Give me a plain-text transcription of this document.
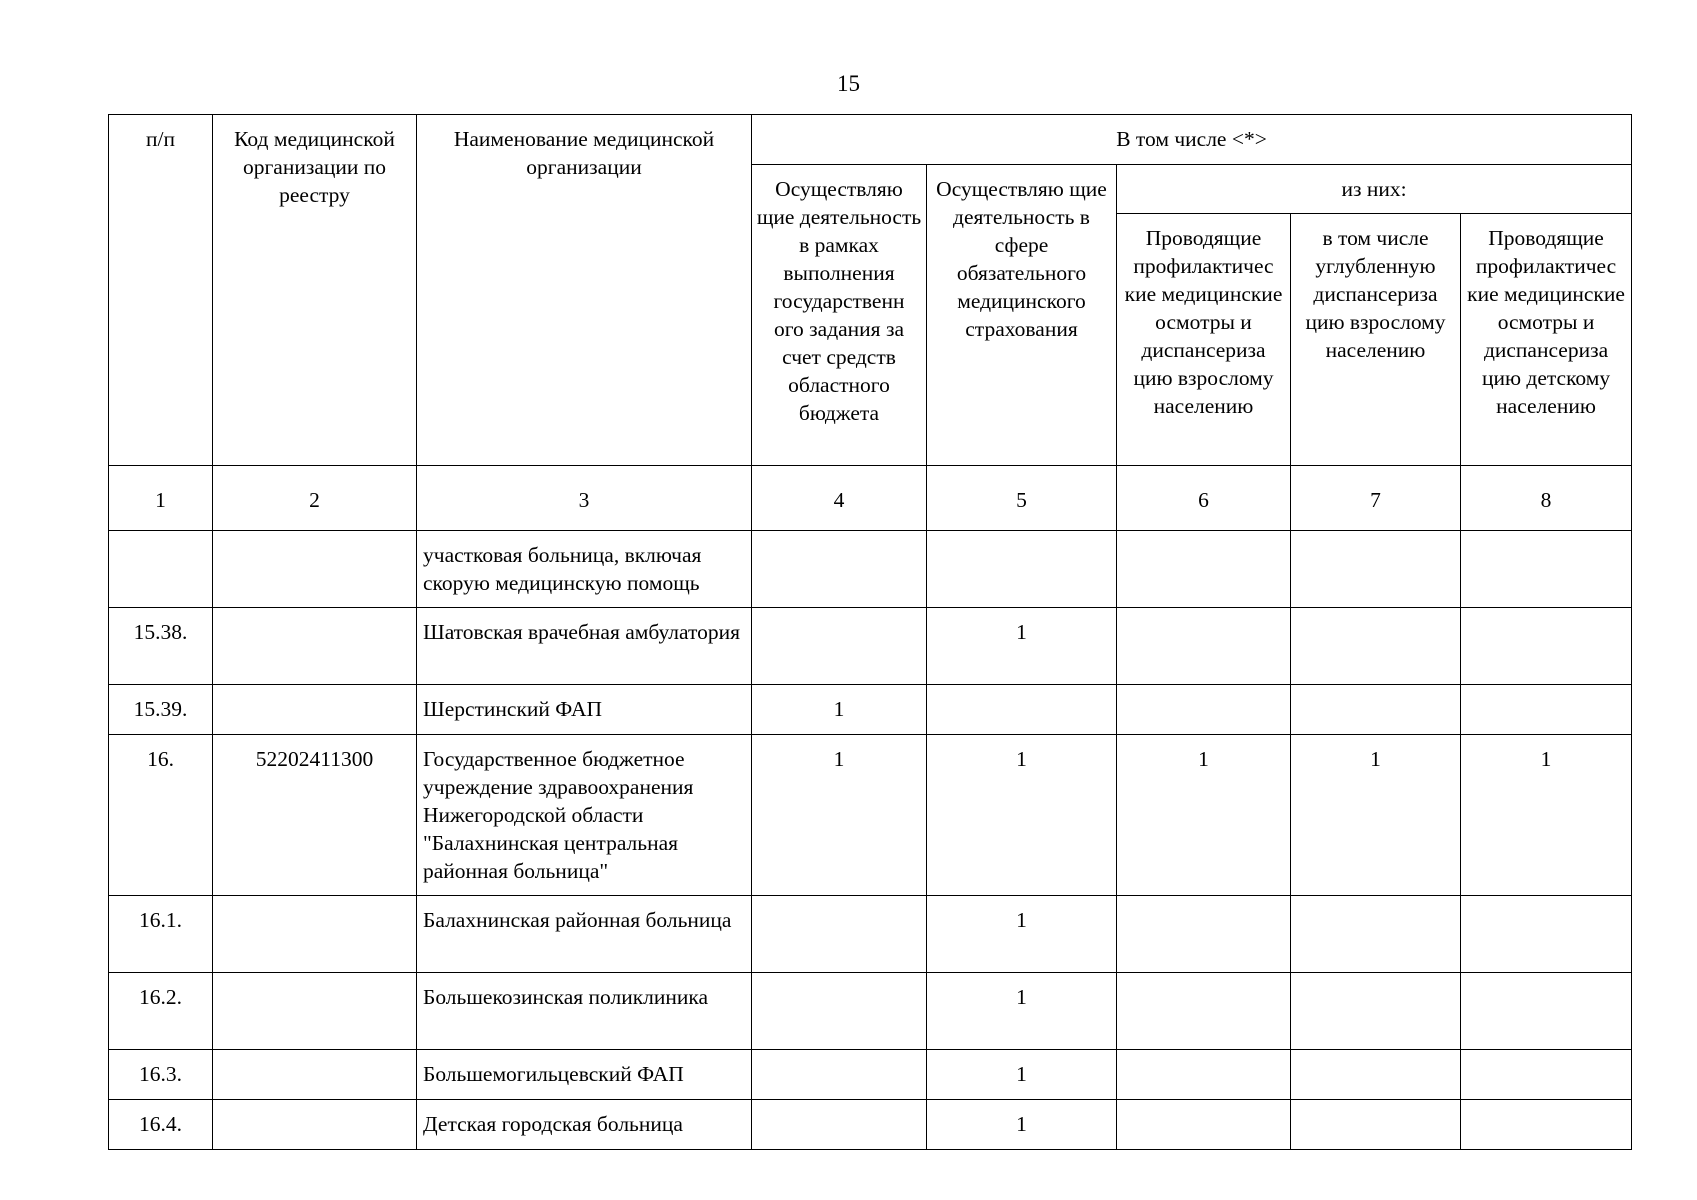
15
п/п	Код медицинской организации по реестру	Наименование медицинской организации	В том числе <*>				
			Осуществляю щие деятельность в рамках выполнения государственн ого задания за счет средств областного бюджета	Осуществляю щие деятельность в сфере обязательного медицинского страхования	из них:		
					Проводящие профилактичес кие медицинские осмотры и диспансериза цию взрослому населению	в том числе углубленную диспансериза цию взрослому населению	Проводящие профилактичес кие медицинские осмотры и диспансериза цию детскому населению
1	2	3	4	5	6	7	8
		участковая больница, включая скорую медицинскую помощь					
15.38.		Шатовская врачебная амбулатория		1			
15.39.		Шерстинский ФАП	1				
16.	52202411300	Государственное бюджетное учреждение здравоохранения Нижегородской области "Балахнинская центральная районная больница"	1	1	1	1	1
16.1.		Балахнинская районная больница		1			
16.2.		Большекозинская поликлиника		1			
16.3.		Большемогильцевский ФАП		1			
16.4.		Детская городская больница		1			
